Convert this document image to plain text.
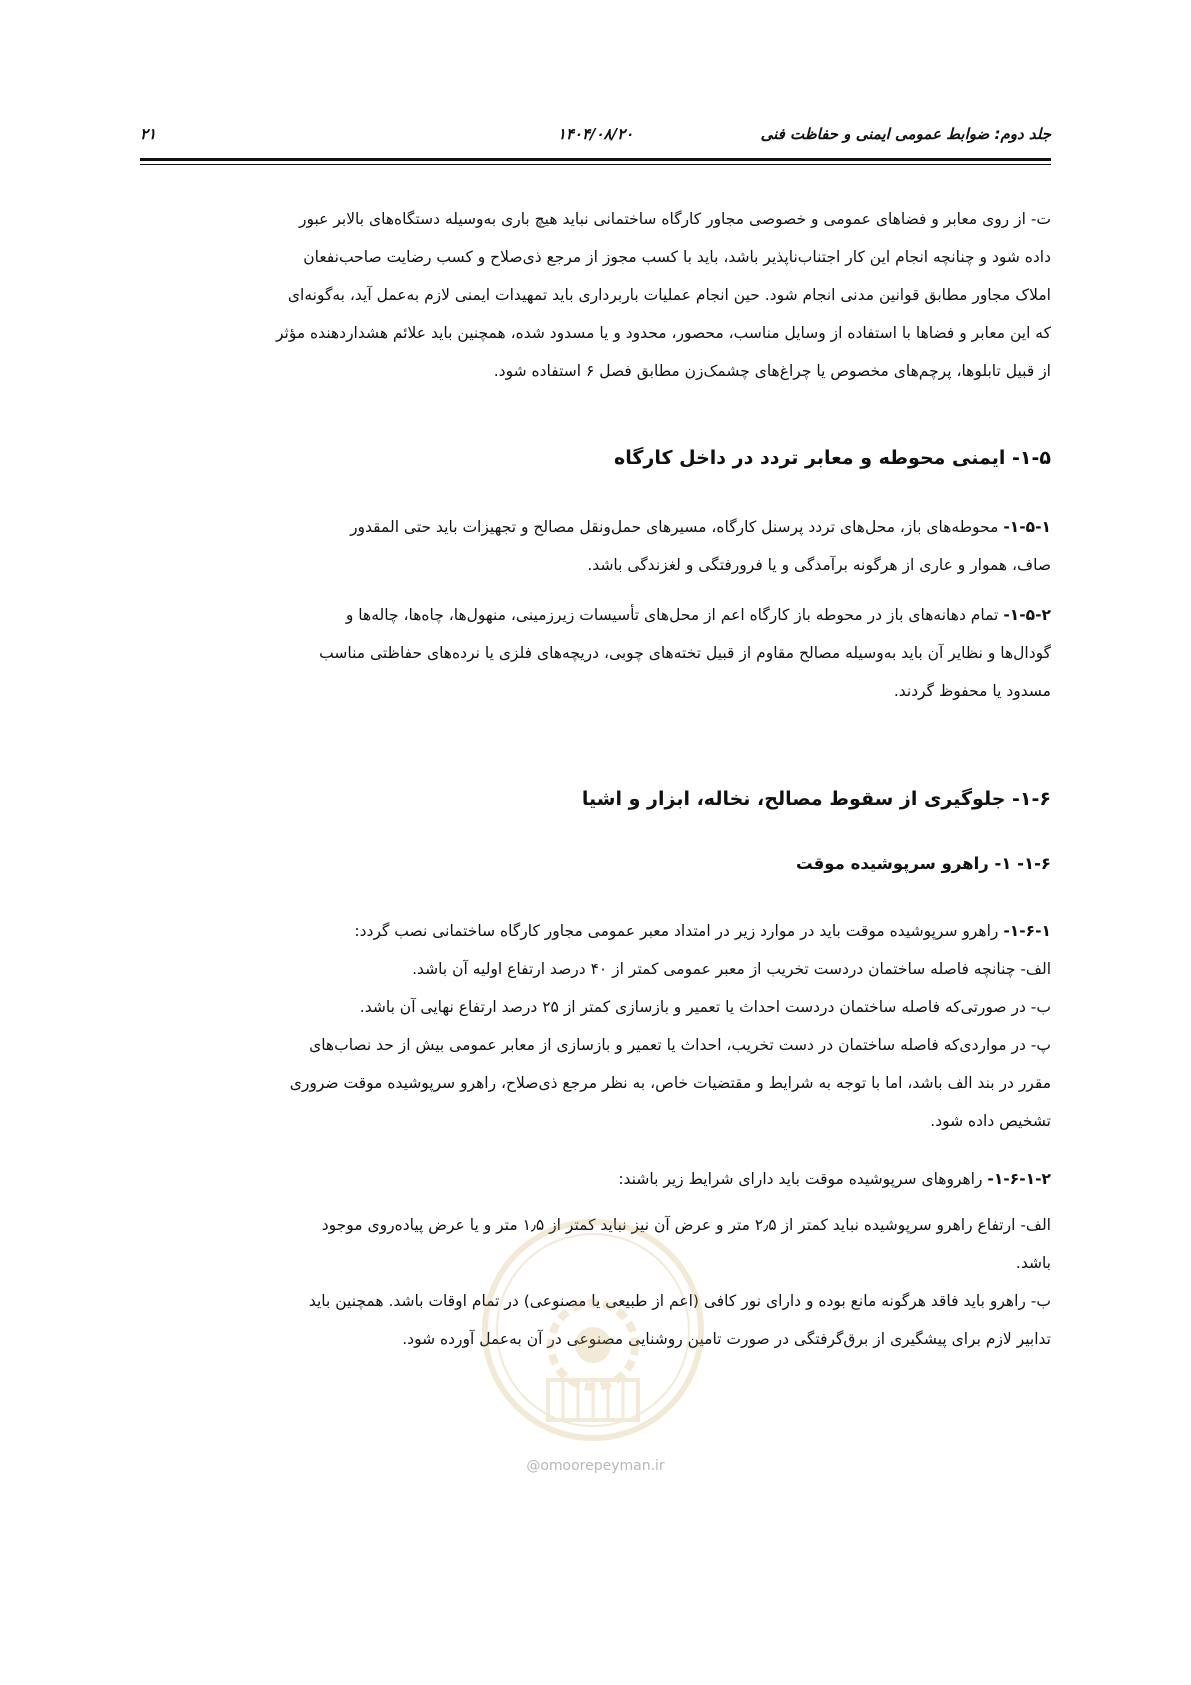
جلد دوم: ضوابط عمومی ایمنی و حفاظت فنی
۱۴۰۴/۰۸/۲۰
۲۱
ت- از روی معابر و فضاهای عمومی و خصوصی مجاور کارگاه ساختمانی نباید هیچ باری به‌وسیله دستگاه‌های بالابر عبور
داده شود و چنانچه انجام این کار اجتناب‌ناپذیر باشد، باید با کسب مجوز از مرجع ذی‌صلاح و کسب رضایت صاحب‌نفعان
املاک مجاور مطابق قوانین مدنی انجام شود. حین انجام عملیات باربرداری باید تمهیدات ایمنی لازم به‌عمل آید، به‌گونه‌ای
که این معابر و فضاها با استفاده از وسایل مناسب، محصور، محدود و یا مسدود شده، همچنین باید علائم هشداردهنده مؤثر
از قبیل تابلوها، پرچم‌های مخصوص یا چراغ‌های چشمک‌زن مطابق فصل ۶ استفاده شود.

۱-۵- ایمنی محوطه و معابر تردد در داخل کارگاه

۱-۵-۱- محوطه‌های باز، محل‌های تردد پرسنل کارگاه، مسیرهای حمل‌ونقل مصالح و تجهیزات باید حتی المقدور
صاف، هموار و عاری از هرگونه برآمدگی و یا فرورفتگی و لغزندگی باشد.
۱-۵-۲- تمام دهانه‌های باز در محوطه باز کارگاه اعم از محل‌های تأسیسات زیرزمینی، منهول‌ها، چاه‌ها، چاله‌ها و
گودال‌ها و نظایر آن باید به‌وسیله مصالح مقاوم از قبیل تخته‌های چوبی، دریچه‌های فلزی یا نرده‌های حفاظتی مناسب
مسدود یا محفوظ گردند.

۱-۶- جلوگیری از سقوط مصالح، نخاله، ابزار و اشیا

۱-۶- ۱- راهرو سرپوشیده موقت

۱-۶-۱- راهرو سرپوشیده موقت باید در موارد زیر در امتداد معبر عمومی مجاور کارگاه ساختمانی نصب گردد:
الف- چنانچه فاصله ساختمان دردست تخریب از معبر عمومی کمتر از ۴۰ درصد ارتفاع اولیه آن باشد.
ب- در صورتی‌که فاصله ساختمان دردست احداث یا تعمیر و بازسازی کمتر از ۲۵ درصد ارتفاع نهایی آن باشد.
پ- در مواردی‌که فاصله ساختمان در دست تخریب، احداث یا تعمیر و بازسازی از معابر عمومی بیش از حد نصاب‌های
مقرر در بند الف باشد، اما با توجه به شرایط و مقتضیات خاص، به نظر مرجع ذی‌صلاح، راهرو سرپوشیده موقت ضروری
تشخیص داده شود.
۱-۶-۱-۲- راهروهای سرپوشیده موقت باید دارای شرایط زیر باشند:
الف- ارتفاع راهرو سرپوشیده نباید کمتر از ۲٫۵ متر و عرض آن نیز نباید کمتر از ۱٫۵ متر و یا عرض پیاده‌روی موجود
باشد.
ب- راهرو باید فاقد هرگونه مانع بوده و دارای نور کافی (اعم از طبیعی یا مصنوعی) در تمام اوقات باشد. همچنین باید
تدابیر لازم برای پیشگیری از برق‌گرفتگی در صورت تامین روشنایی مصنوعی در آن به‌عمل آورده شود.
@omoorepeyman.ir
